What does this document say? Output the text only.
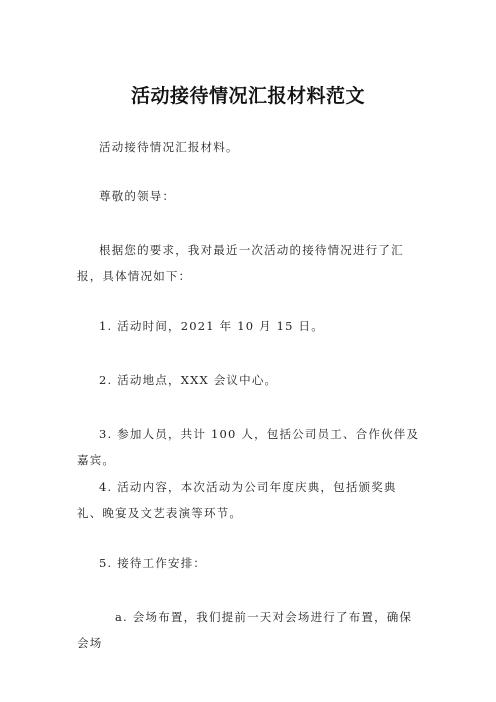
活动接待情况汇报材料范文

活动接待情况汇报材料。

尊敬的领导：

根据您的要求，我对最近一次活动的接待情况进行了汇报，具体情况如下：

1. 活动时间，2021 年 10 月 15 日。

2. 活动地点，XXX 会议中心。

3. 参加人员，共计 100 人，包括公司员工、合作伙伴及嘉宾。

4. 活动内容，本次活动为公司年度庆典，包括颁奖典礼、晚宴及文艺表演等环节。

5. 接待工作安排：

a. 会场布置，我们提前一天对会场进行了布置，确保会场
